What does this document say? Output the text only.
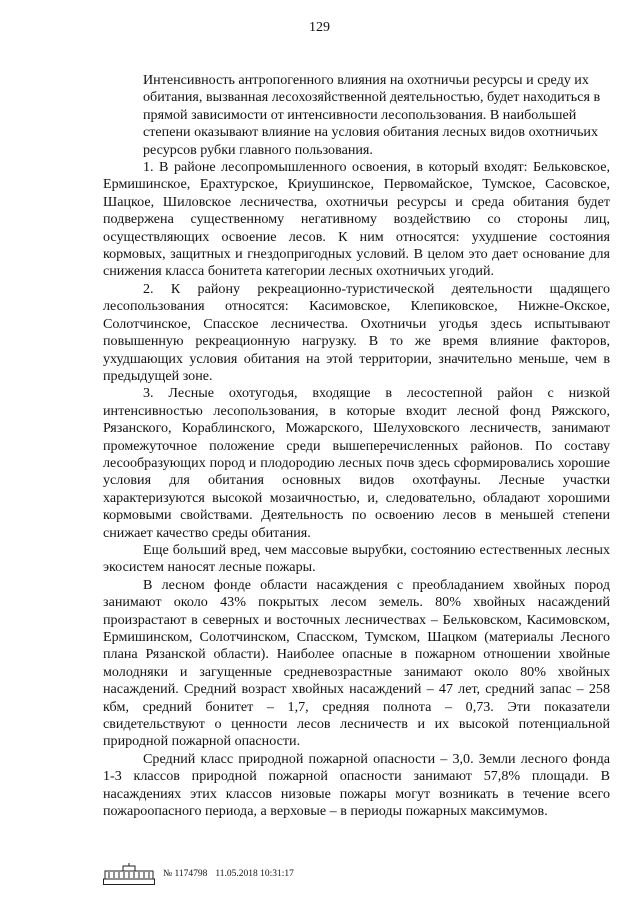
129

Интенсивность антропогенного влияния на охотничьи ресурсы и среду их обитания, вызванная лесохозяйственной деятельностью, будет находиться в прямой зависимости от интенсивности лесопользования. В наибольшей степени оказывают влияние на условия обитания лесных видов охотничьих ресурсов рубки главного пользования.

1. В районе лесопромышленного освоения, в который входят: Бельковское, Ермишинское, Ерахтурское, Криушинское, Первомайское, Тумское, Сасовское, Шацкое, Шиловское лесничества, охотничьи ресурсы и среда обитания будет подвержена существенному негативному воздействию со стороны лиц, осуществляющих освоение лесов. К ним относятся: ухудшение состояния кормовых, защитных и гнездопригодных условий. В целом это дает основание для снижения класса бонитета категории лесных охотничьих угодий.

2. К району рекреационно-туристической деятельности щадящего лесопользования относятся: Касимовское, Клепиковское, Нижне-Окское, Солотчинское, Спасское лесничества. Охотничьи угодья здесь испытывают повышенную рекреационную нагрузку. В то же время влияние факторов, ухудшающих условия обитания на этой территории, значительно меньше, чем в предыдущей зоне.

3. Лесные охотугодья, входящие в лесостепной район с низкой интенсивностью лесопользования, в которые входит лесной фонд Ряжского, Рязанского, Кораблинского, Можарского, Шелуховского лесничеств, занимают промежуточное положение среди вышеперечисленных районов. По составу лесообразующих пород и плодородию лесных почв здесь сформировались хорошие условия для обитания основных видов охотфауны. Лесные участки характеризуются высокой мозаичностью, и, следовательно, обладают хорошими кормовыми свойствами. Деятельность по освоению лесов в меньшей степени снижает качество среды обитания.

Еще больший вред, чем массовые вырубки, состоянию естественных лесных экосистем наносят лесные пожары.

В лесном фонде области насаждения с преобладанием хвойных пород занимают около 43% покрытых лесом земель. 80% хвойных насаждений произрастают в северных и восточных лесничествах – Бельковском, Касимовском, Ермишинском, Солотчинском, Спасском, Тумском, Шацком (материалы Лесного плана Рязанской области). Наиболее опасные в пожарном отношении хвойные молодняки и загущенные средневозрастные занимают около 80% хвойных насаждений. Средний возраст хвойных насаждений – 47 лет, средний запас – 258 кбм, средний бонитет – 1,7, средняя полнота – 0,73. Эти показатели свидетельствуют о ценности лесов лесничеств и их высокой потенциальной природной пожарной опасности.

Средний класс природной пожарной опасности – 3,0. Земли лесного фонда 1-3 классов природной пожарной опасности занимают 57,8% площади. В насаждениях этих классов низовые пожары могут возникать в течение всего пожароопасного периода, а верховые – в периоды пожарных максимумов.

№ 1174798 11.05.2018 10:31:17
